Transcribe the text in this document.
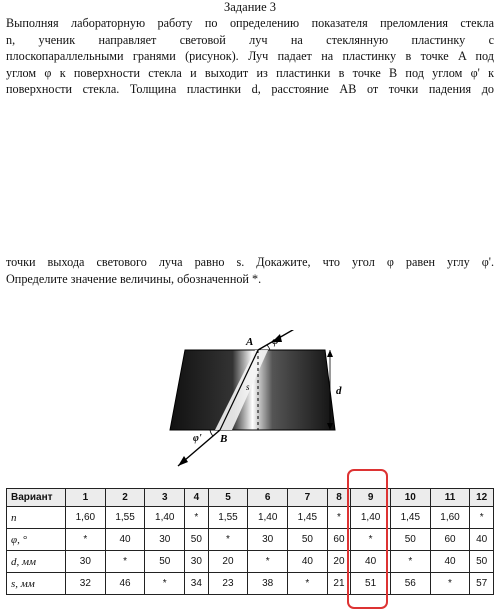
Задание 3
Выполняя лабораторную работу по определению показателя преломления стекла
n, ученик направляет световой луч на стеклянную пластинку с
плоскопараллельными гранями (рисунок). Луч падает на пластинку в точке A под
углом φ к поверхности стекла и выходит из пластинки в точке B под углом φ' к
поверхности стекла. Толщина пластинки d, расстояние AB от точки падения до
точки выхода светового луча равно s. Докажите, что угол φ равен углу φ'.
Определите значение величины, обозначенной *.
A φ
s	d
φ' B
Вариант	1	2	3	4	5	6	7	8	9	10	11	12
n	1,60	1,55	1,40	*	1,55	1,40	1,45	*	1,40	1,45	1,60	*
φ, °	*	40	30	50	*	30	50	60	*	50	60	40
d, мм	30	*	50	30	20	*	40	20	40	*	40	50
s, мм	32	46	*	34	23	38	*	21	51	56	*	57
